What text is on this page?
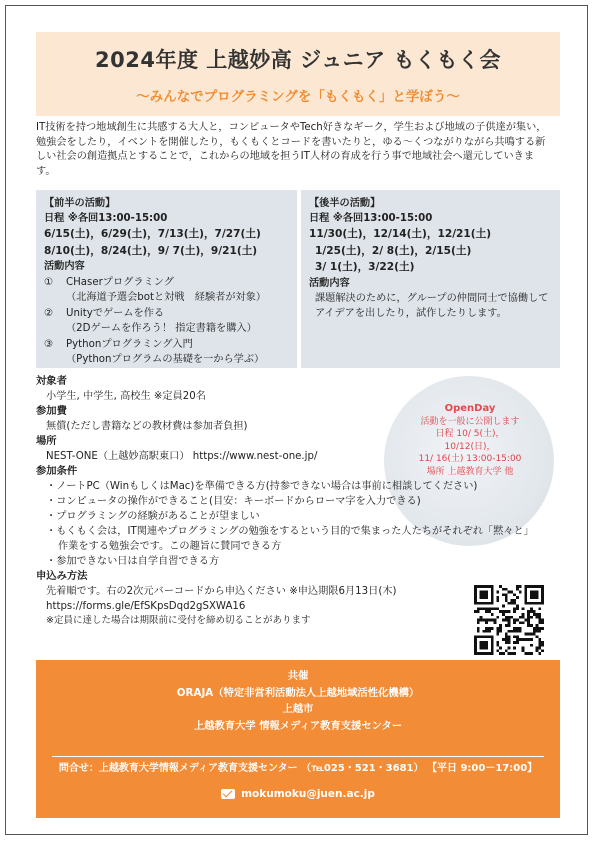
2024年度 上越妙高 ジュニア もくもく会
〜みんなでプログラミングを「もくもく」と学ぼう〜
IT技術を持つ地域創生に共感する大人と，コンピュータやTech好きなギーク，学生および地域の子供達が集い，勉強会をしたり，イベントを開催したり，もくもくとコードを書いたりと，ゆる〜くつながりながら共鳴する新しい社会の創造拠点とすることで，これからの地域を担うIT人材の育成を行う事で地域社会へ還元していきます。
【前半の活動】
日程 ※各回13:00-15:00
6/15(土)，6/29(土)，7/13(土)，7/27(土)
8/10(土)，8/24(土)，9/ 7(土)，9/21(土)
活動内容
①	CHaserプログラミング

（北海道予選会botと対戦　経験者が対象）

②	Unityでゲームを作る

（2Dゲームを作ろう！ 指定書籍を購入）

③	Pythonプログラミング入門

（Pythonプログラムの基礎を一から学ぶ）

【後半の活動】
日程 ※各回13:00-15:00
11/30(土)，12/14(土)，12/21(土)
1/25(土)，2/ 8(土)，2/15(土)
3/ 1(土)，3/22(土)
活動内容
課題解決のために，グループの仲間同士で協働してアイデアを出したり，試作したりします。
OpenDay
活動を一般に公開します
日程 10/ 5(土)，10/12(日)，
11/ 16(土) 13:00-15:00
場所 上越教育大学 他
対象者
小学生, 中学生, 高校生 ※定員20名
参加費
無償(ただし書籍などの教材費は参加者負担)
場所
NEST-ONE（上越妙高駅東口） https://www.nest-one.jp/
参加条件
・ ノートPC（WinもしくはMac)を準備できる方(持参できない場合は事前に相談してください)
・ コンピュータの操作ができること(目安：キーボードからローマ字を入力できる)
・ プログラミングの経験があることが望ましい
・ もくもく会は，IT関連やプログラミングの勉強をするという目的で集まった人たちがそれぞれ「黙々と」
作業をする勉強会です。この趣旨に賛同できる方
・ 参加できない日は自学自習できる方
申込み方法
先着順です。右の2次元バーコードから申込ください ※申込期限6月13日(木)
https://forms.gle/EfSKpsDqd2gSXWA16
※定員に達した場合は期限前に受付を締め切ることがあります
共催
ORAJA（特定非営利活動法人上越地域活性化機構）
上越市
上越教育大学 情報メディア教育支援センター
問合せ：上越教育大学情報メディア教育支援センター （℡025・521・3681） 【平日 9:00－17:00】
mokumoku@juen.ac.jp
